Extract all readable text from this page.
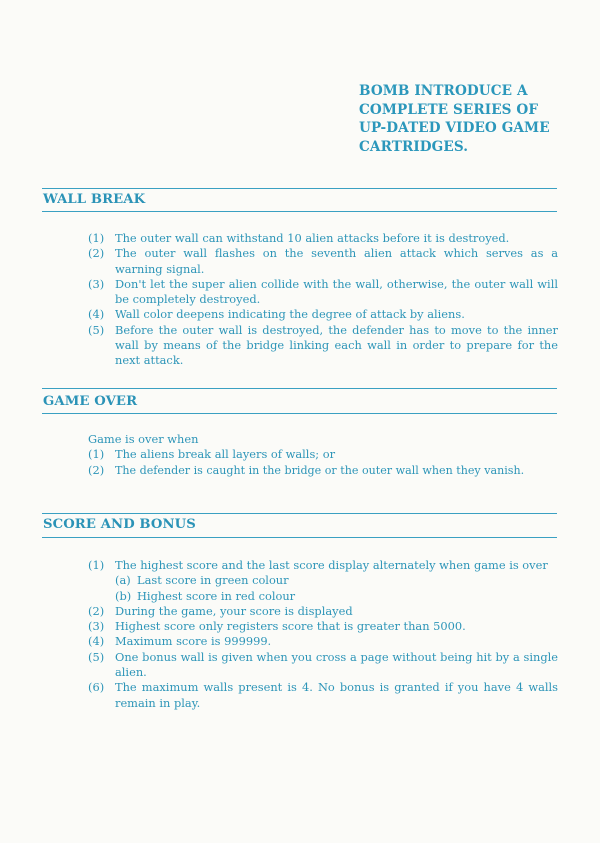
BOMB INTRODUCE A
COMPLETE SERIES OF
UP-DATED VIDEO GAME
CARTRIDGES.
WALL BREAK
(1) The outer wall can withstand 10 alien attacks before it is destroyed.
(2) The outer wall flashes on the seventh alien attack which serves as a warning signal.
(3) Don't let the super alien collide with the wall, otherwise, the outer wall will be completely destroyed.
(4) Wall color deepens indicating the degree of attack by aliens.
(5) Before the outer wall is destroyed, the defender has to move to the inner wall by means of the bridge linking each wall in order to prepare for the next attack.
GAME OVER
Game is over when
(1) The aliens break all layers of walls; or
(2) The defender is caught in the bridge or the outer wall when they vanish.
SCORE AND BONUS
(1) The highest score and the last score display alternately when game is over
(a) Last score in green colour
(b) Highest score in red colour
(2) During the game, your score is displayed
(3) Highest score only registers score that is greater than 5000.
(4) Maximum score is 999999.
(5) One bonus wall is given when you cross a page without being hit by a single alien.
(6) The maximum walls present is 4. No bonus is granted if you have 4 walls remain in play.
